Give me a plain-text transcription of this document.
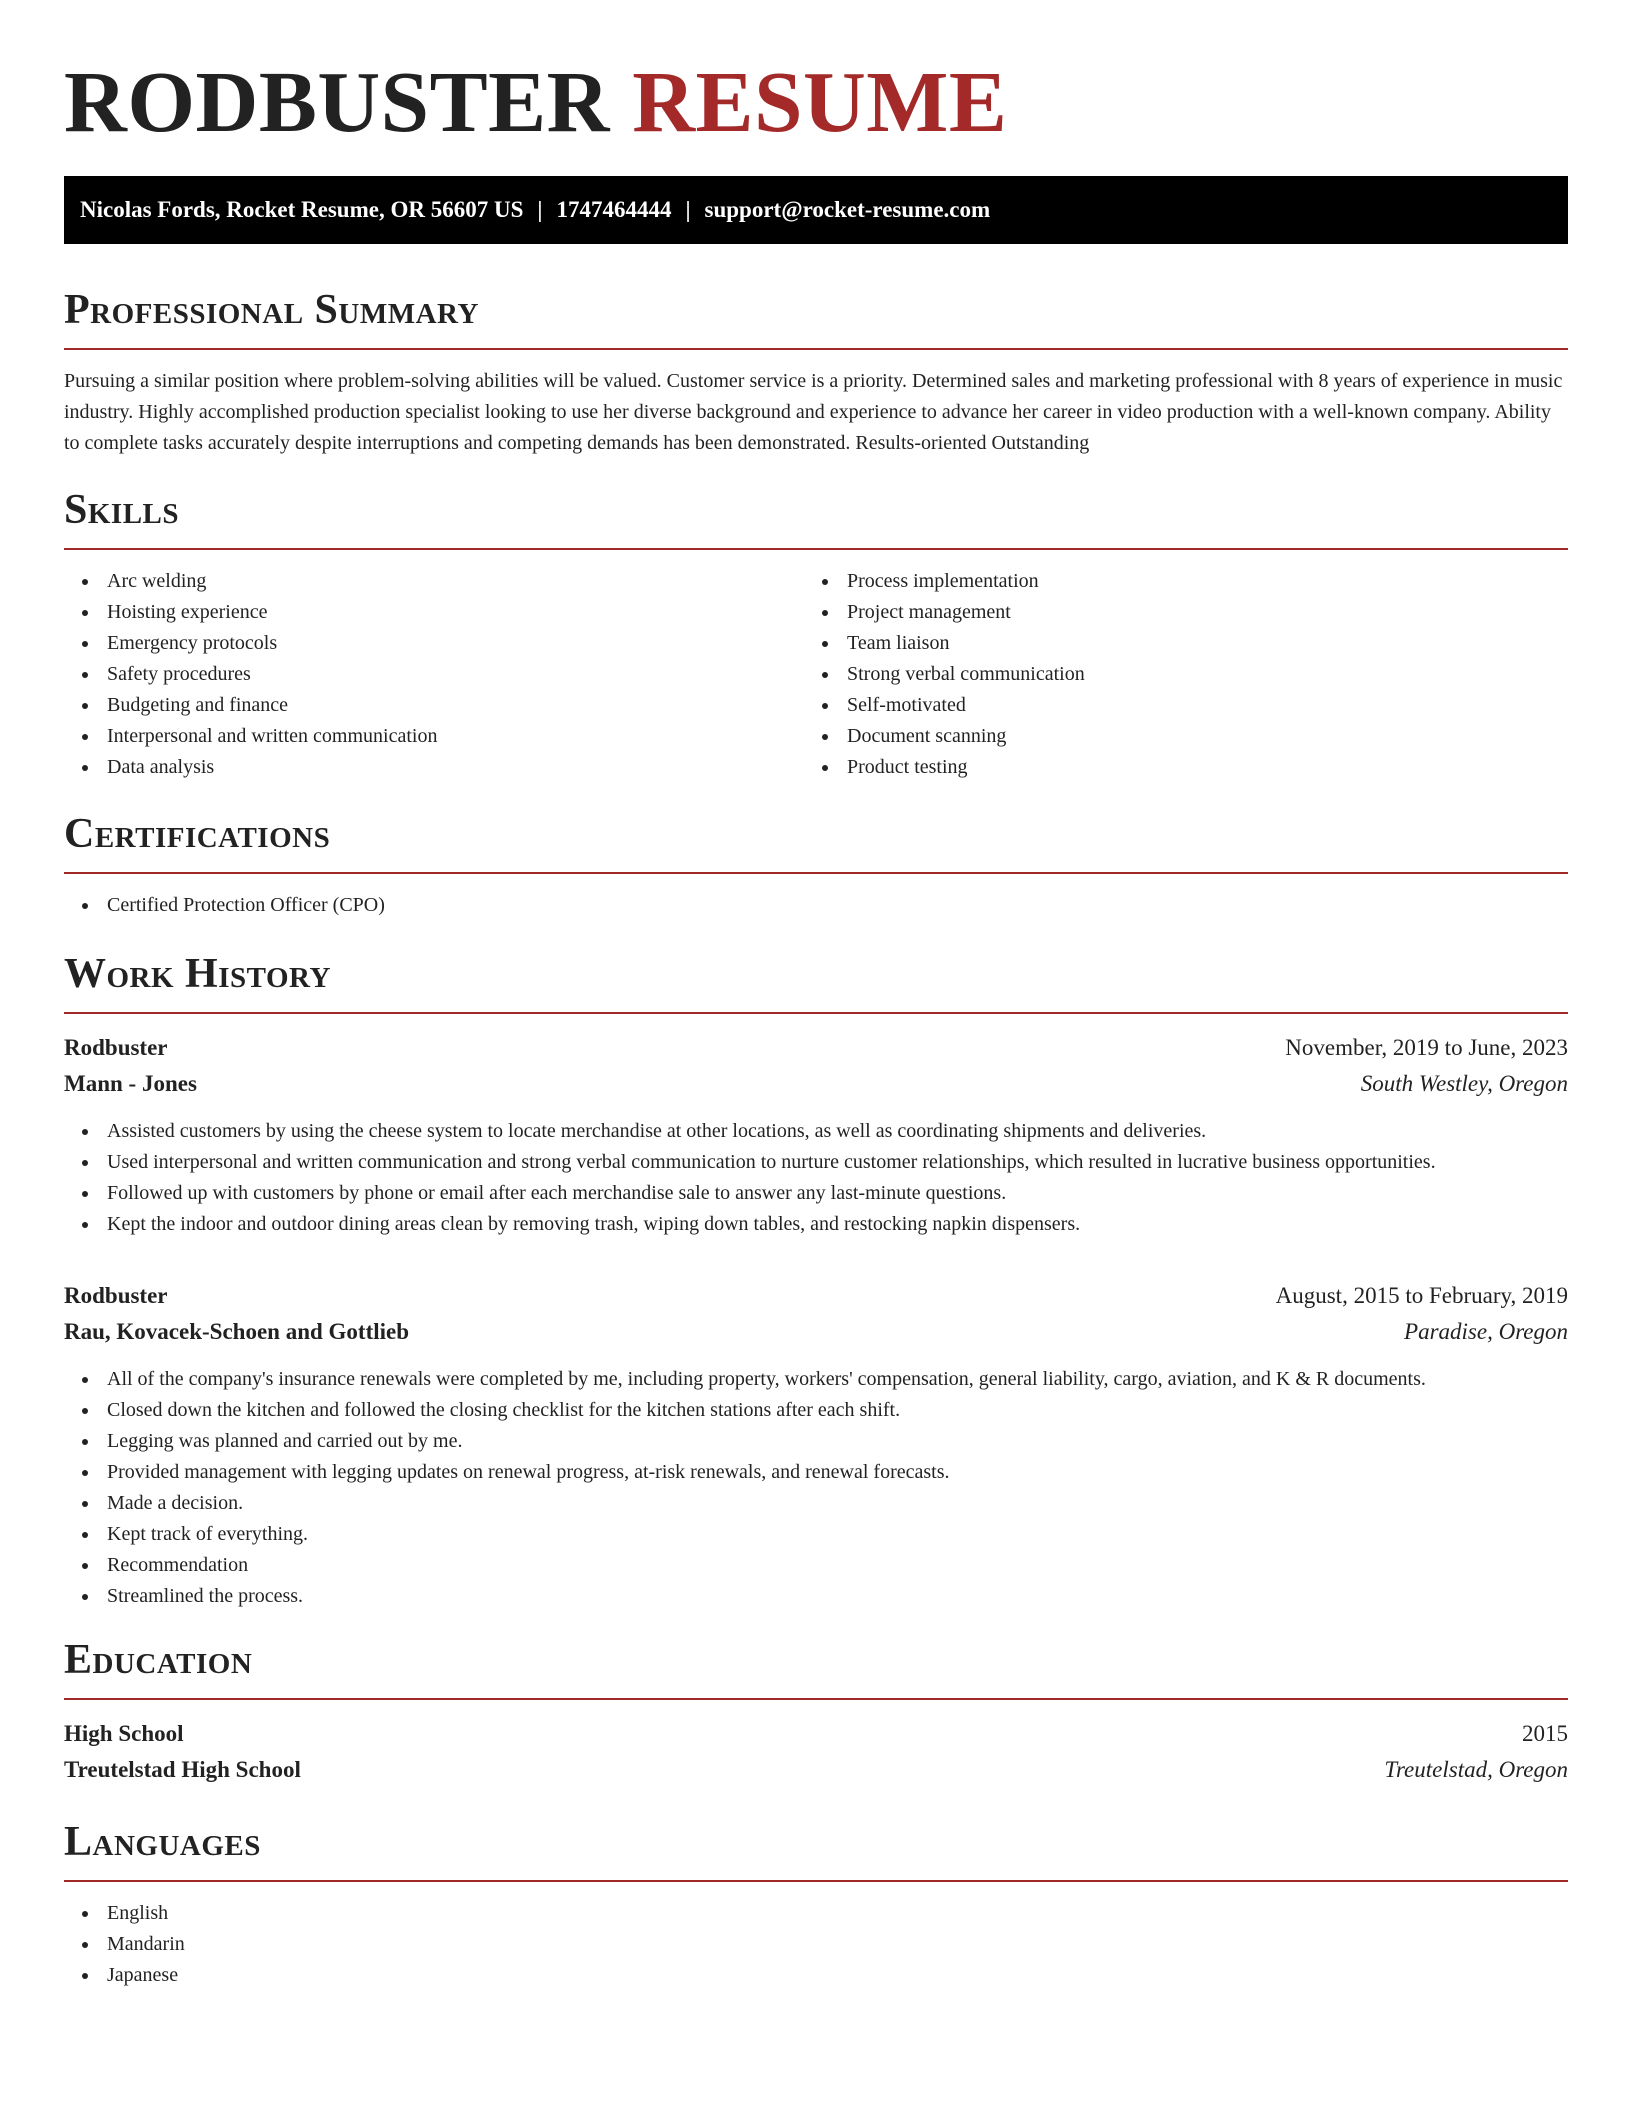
RODBUSTER RESUME
Nicolas Fords, Rocket Resume, OR 56607 US | 1747464444 | support@rocket-resume.com
Professional Summary

Pursuing a similar position where problem-solving abilities will be valued. Customer service is a priority. Determined sales and marketing professional with 8 years of experience in music industry. Highly accomplished production specialist looking to use her diverse background and experience to advance her career in video production with a well-known company. Ability to complete tasks accurately despite interruptions and competing demands has been demonstrated. Results-oriented Outstanding

Skills
Arc welding
Hoisting experience
Emergency protocols
Safety procedures
Budgeting and finance
Interpersonal and written communication
Data analysis
Process implementation
Project management
Team liaison
Strong verbal communication
Self-motivated
Document scanning
Product testing
Certifications
Certified Protection Officer (CPO)
Work History
Rodbuster	November, 2019 to June, 2023
Mann - Jones	South Westley, Oregon
Assisted customers by using the cheese system to locate merchandise at other locations, as well as coordinating shipments and deliveries.
Used interpersonal and written communication and strong verbal communication to nurture customer relationships, which resulted in lucrative business opportunities.
Followed up with customers by phone or email after each merchandise sale to answer any last-minute questions.
Kept the indoor and outdoor dining areas clean by removing trash, wiping down tables, and restocking napkin dispensers.
Rodbuster	August, 2015 to February, 2019
Rau, Kovacek-Schoen and Gottlieb	Paradise, Oregon
All of the company's insurance renewals were completed by me, including property, workers' compensation, general liability, cargo, aviation, and K & R documents.
Closed down the kitchen and followed the closing checklist for the kitchen stations after each shift.
Legging was planned and carried out by me.
Provided management with legging updates on renewal progress, at-risk renewals, and renewal forecasts.
Made a decision.
Kept track of everything.
Recommendation
Streamlined the process.
Education
High School	2015
Treutelstad High School	Treutelstad, Oregon
Languages
English
Mandarin
Japanese
